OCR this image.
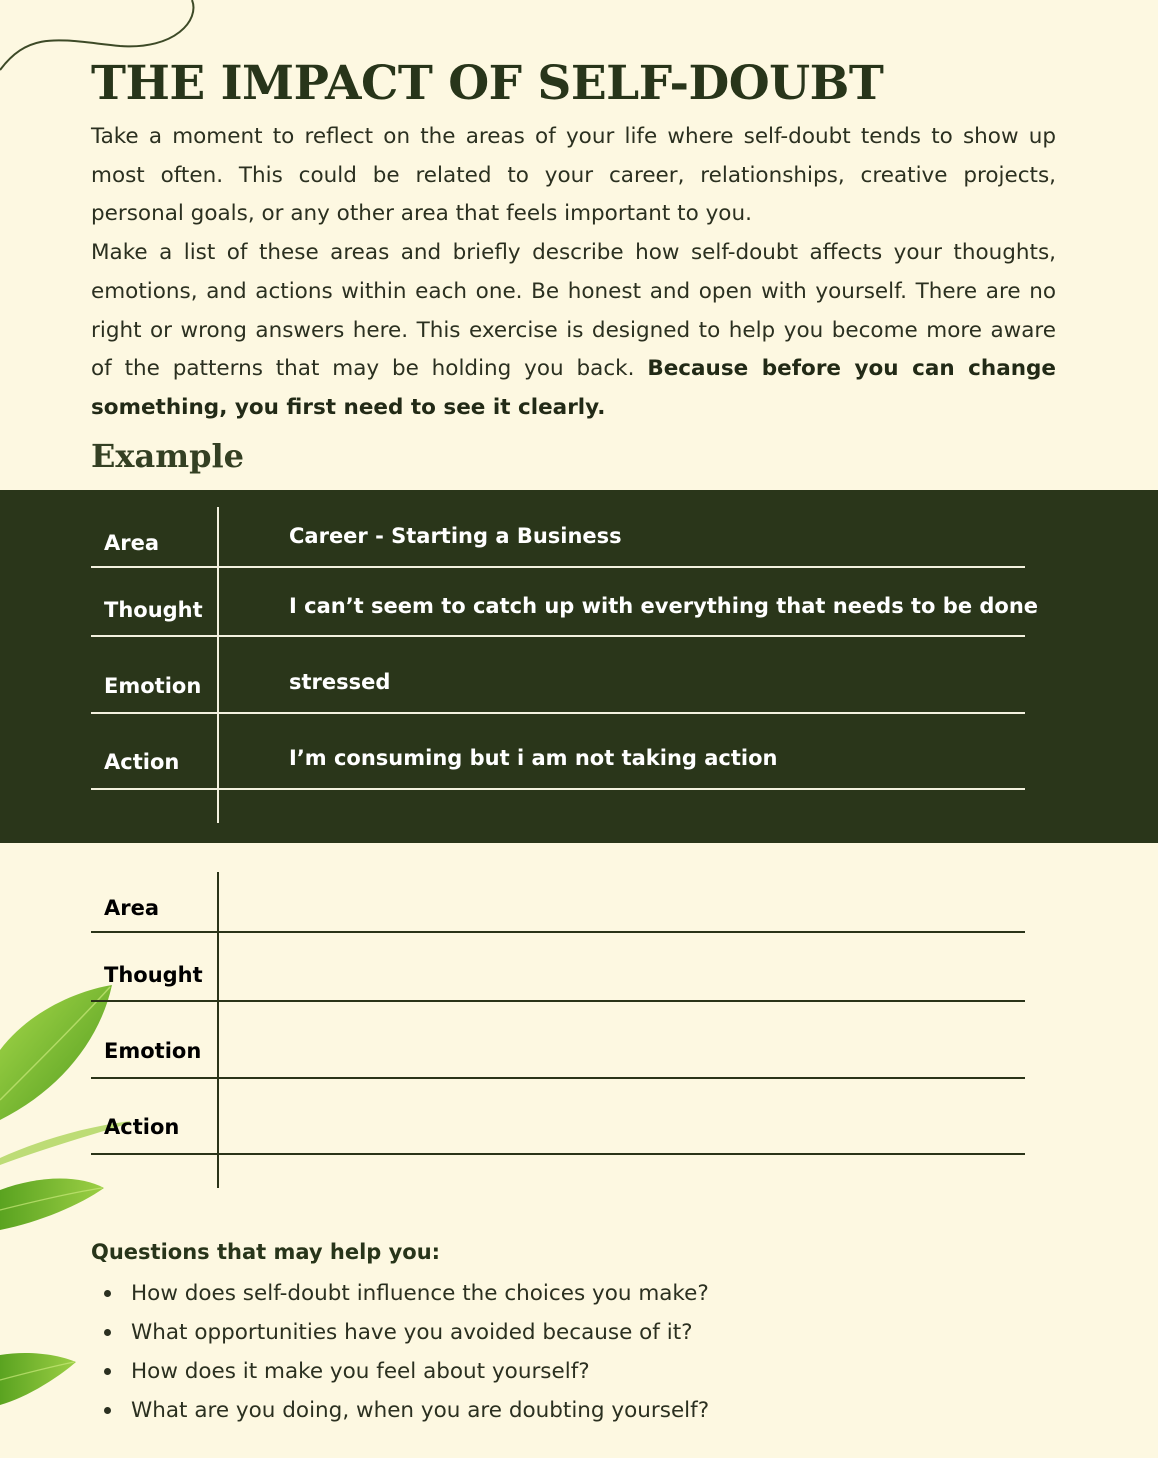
THE IMPACT OF SELF-DOUBT

Take a moment to reflect on the areas of your life where self-doubt tends to show up most often. This could be related to your career, relationships, creative projects, personal goals, or any other area that feels important to you.

Make a list of these areas and briefly describe how self-doubt affects your thoughts, emotions, and actions within each one. Be honest and open with yourself. There are no right or wrong answers here. This exercise is designed to help you become more aware of the patterns that may be holding you back. Because before you can change something, you first need to see it clearly.

Example
Area	Career - Starting a Business
Thought	I can’t seem to catch up with everything that needs to be done
Emotion	stressed
Action	I’m consuming but i am not taking action
Area
Thought
Emotion
Action
Questions that may help you:
How does self-doubt influence the choices you make?
What opportunities have you avoided because of it?
How does it make you feel about yourself?
What are you doing, when you are doubting yourself?
